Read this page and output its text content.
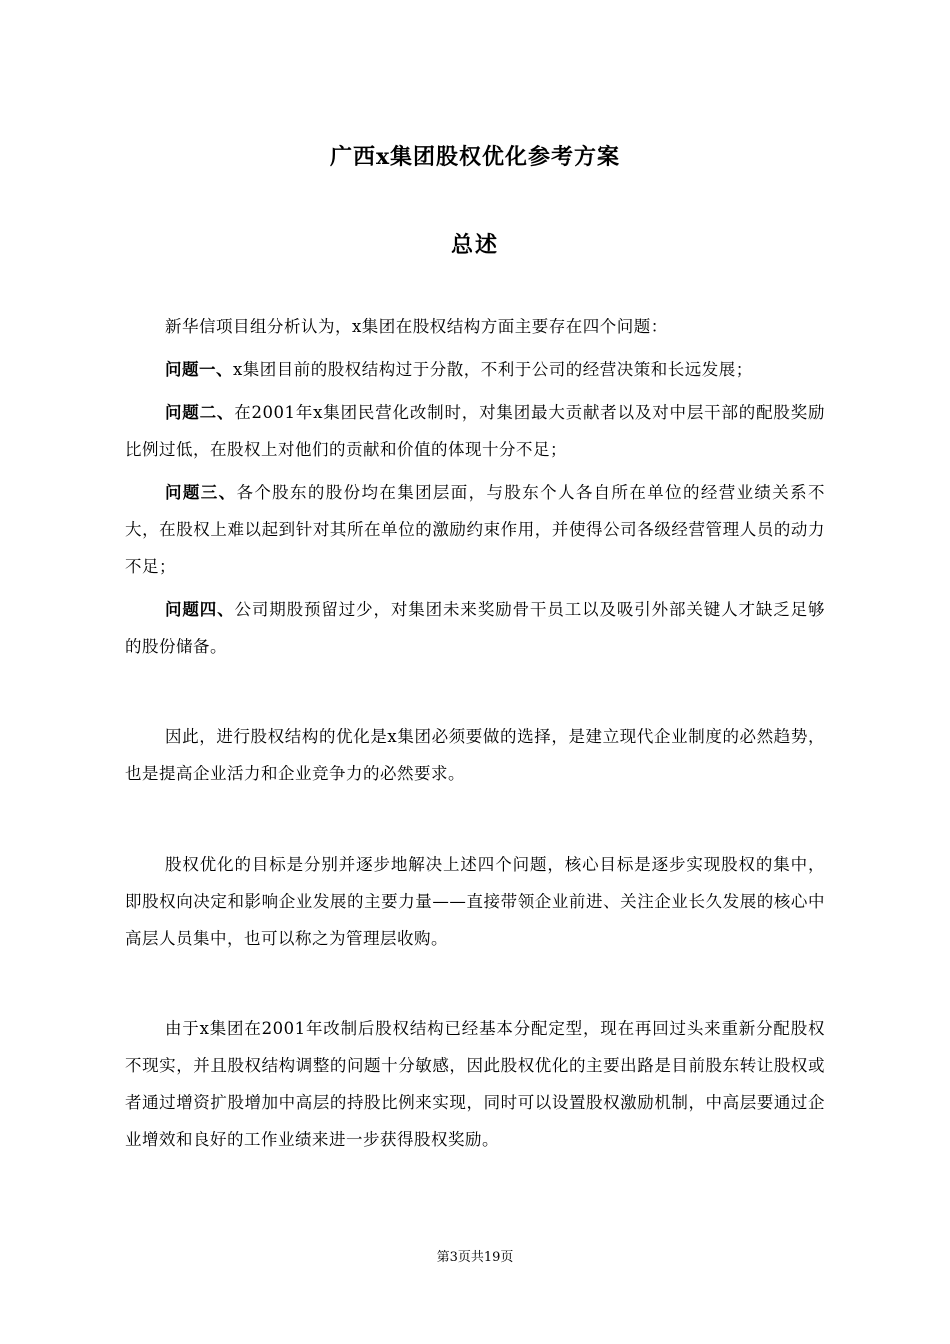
广西x集团股权优化参考方案
总述

新华信项目组分析认为，x集团在股权结构方面主要存在四个问题：

问题一、x集团目前的股权结构过于分散，不利于公司的经营决策和长远发展；

问题二、在2001年x集团民营化改制时，对集团最大贡献者以及对中层干部的配股奖励比例过低，在股权上对他们的贡献和价值的体现十分不足；

问题三、各个股东的股份均在集团层面，与股东个人各自所在单位的经营业绩关系不大，在股权上难以起到针对其所在单位的激励约束作用，并使得公司各级经营管理人员的动力不足；

问题四、公司期股预留过少，对集团未来奖励骨干员工以及吸引外部关键人才缺乏足够的股份储备。

因此，进行股权结构的优化是x集团必须要做的选择，是建立现代企业制度的必然趋势，也是提高企业活力和企业竞争力的必然要求。

股权优化的目标是分别并逐步地解决上述四个问题，核心目标是逐步实现股权的集中，即股权向决定和影响企业发展的主要力量——直接带领企业前进、关注企业长久发展的核心中高层人员集中，也可以称之为管理层收购。

由于x集团在2001年改制后股权结构已经基本分配定型，现在再回过头来重新分配股权不现实，并且股权结构调整的问题十分敏感，因此股权优化的主要出路是目前股东转让股权或者通过增资扩股增加中高层的持股比例来实现，同时可以设置股权激励机制，中高层要通过企业增效和良好的工作业绩来进一步获得股权奖励。

第3页共19页
